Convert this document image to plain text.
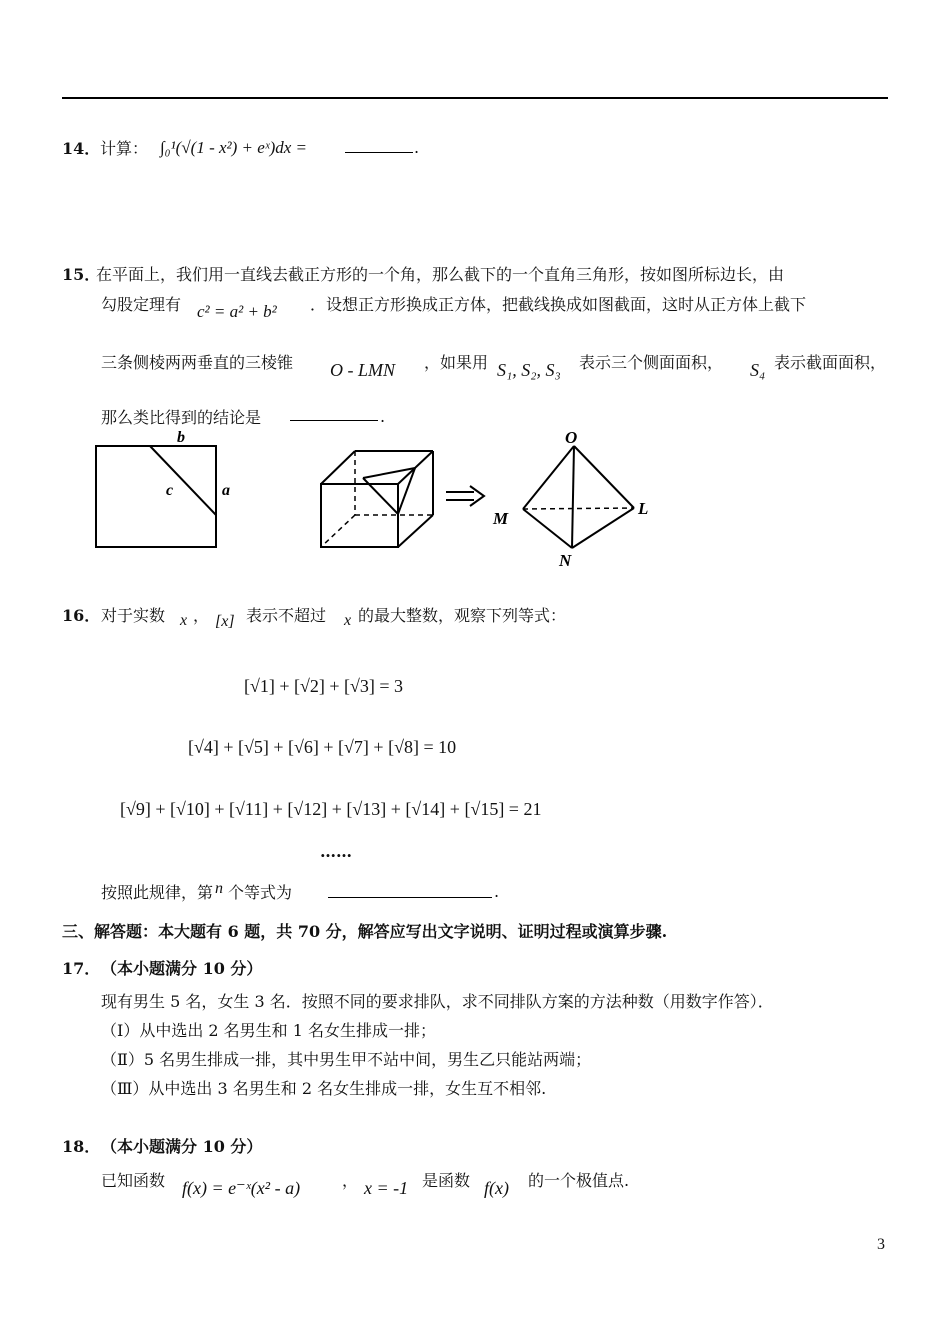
14． 计算： ∫₀¹(√(1 - x²) + eˣ)dx =	.
15．
在平面上，我们用一直线去截正方形的一个角，那么截下的一个直角三角形，按如图所标边长，由
勾股定理有 c² = a² + b² ．设想正方形换成正方体，把截线换成如图截面，这时从正方体上截下
三条侧棱两两垂直的三棱锥 O - LMN ，如果用 S₁, S₂, S₃ 表示三个侧面面积， S₄ 表示截面面积，
那么类比得到的结论是	.
b
c	a
O
M
L
N
16． 对于实数 x ， [x] 表示不超过 x 的最大整数，观察下列等式：
[√1] + [√2] + [√3] = 3
[√4] + [√5] + [√6] + [√7] + [√8] = 10
[√9] + [√10] + [√11] + [√12] + [√13] + [√14] + [√15] = 21
……
按照此规律，第 n 个等式为	.
三、解答题：本大题有 6 题，共 70 分，解答应写出文字说明、证明过程或演算步骤.
17． （本小题满分 10 分）
现有男生 5 名，女生 3 名．按照不同的要求排队，求不同排队方案的方法种数（用数字作答）．
（Ⅰ）从中选出 2 名男生和 1 名女生排成一排；
（Ⅱ）5 名男生排成一排，其中男生甲不站中间，男生乙只能站两端；
（Ⅲ）从中选出 3 名男生和 2 名女生排成一排，女生互不相邻.
18． （本小题满分 10 分）
已知函数 f(x) = e⁻ˣ(x² - a)	， x = -1 是函数 f(x) 的一个极值点.
3
